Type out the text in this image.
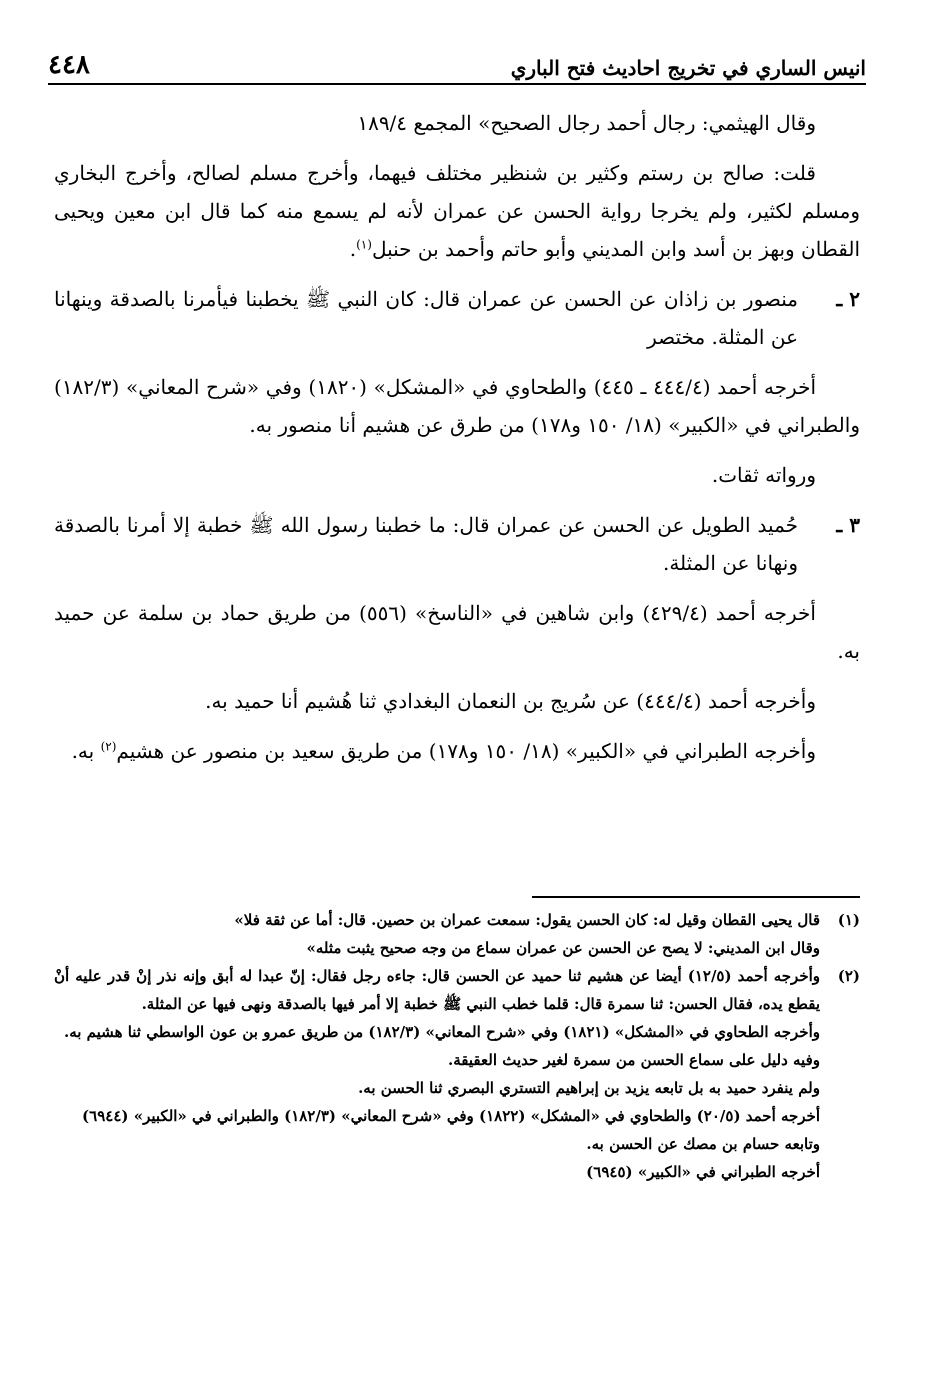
انيس الساري في تخريج احاديث فتح الباري
٤٤٨

وقال الهيثمي: رجال أحمد رجال الصحيح» المجمع ١٨٩/٤

قلت: صالح بن رستم وكثير بن شنظير مختلف فيهما، وأخرج مسلم لصالح، وأخرج البخاري ومسلم لكثير، ولم يخرجا رواية الحسن عن عمران لأنه لم يسمع منه كما قال ابن معين ويحيى القطان وبهز بن أسد وابن المديني وأبو حاتم وأحمد بن حنبل$^{(١)}$.

٢ ـ
منصور بن زاذان عن الحسن عن عمران قال: كان النبي ﷺ يخطبنا فيأمرنا بالصدقة وينهانا عن المثلة. مختصر

أخرجه أحمد (٤٤٤/٤ ـ ٤٤٥) والطحاوي في «المشكل» (١٨٢٠) وفي «شرح المعاني» (١٨٢/٣) والطبراني في «الكبير» (١٨/ ١٥٠ و١٧٨) من طرق عن هشيم أنا منصور به.

ورواته ثقات.

٣ ـ
حُميد الطويل عن الحسن عن عمران قال: ما خطبنا رسول الله ﷺ خطبة إلا أمرنا بالصدقة ونهانا عن المثلة.

أخرجه أحمد (٤٢٩/٤) وابن شاهين في «الناسخ» (٥٥٦) من طريق حماد بن سلمة عن حميد به.

وأخرجه أحمد (٤٤٤/٤) عن سُريج بن النعمان البغدادي ثنا هُشيم أنا حميد به.

وأخرجه الطبراني في «الكبير» (١٨/ ١٥٠ و١٧٨) من طريق سعيد بن منصور عن هشيم$^{(٢)}$ به.

(١)
قال يحيى القطان وقيل له: كان الحسن يقول: سمعت عمران بن حصين. قال: أما عن ثقة فلا»
وقال ابن المديني: لا يصح عن الحسن عن عمران سماع من وجه صحيح يثبت مثله»
(٢)
وأخرجه أحمد (١٢/٥) أيضا عن هشيم ثنا حميد عن الحسن قال: جاءه رجل فقال: إنّ عبدا له أبق وإنه نذر إنْ قدر عليه أنْ يقطع يده، فقال الحسن: ثنا سمرة قال: قلما خطب النبي ﷺ خطبة إلا أمر فيها بالصدقة ونهى فيها عن المثلة.
وأخرجه الطحاوي في «المشكل» (١٨٢١) وفي «شرح المعاني» (١٨٢/٣) من طريق عمرو بن عون الواسطي ثنا هشيم به.
وفيه دليل على سماع الحسن من سمرة لغير حديث العقيقة.
ولم ينفرد حميد به بل تابعه يزيد بن إبراهيم التستري البصري ثنا الحسن به.
أخرجه أحمد (٢٠/٥) والطحاوي في «المشكل» (١٨٢٢) وفي «شرح المعاني» (١٨٢/٣) والطبراني في «الكبير» (٦٩٤٤)
وتابعه حسام بن مصك عن الحسن به.
أخرجه الطبراني في «الكبير» (٦٩٤٥)
